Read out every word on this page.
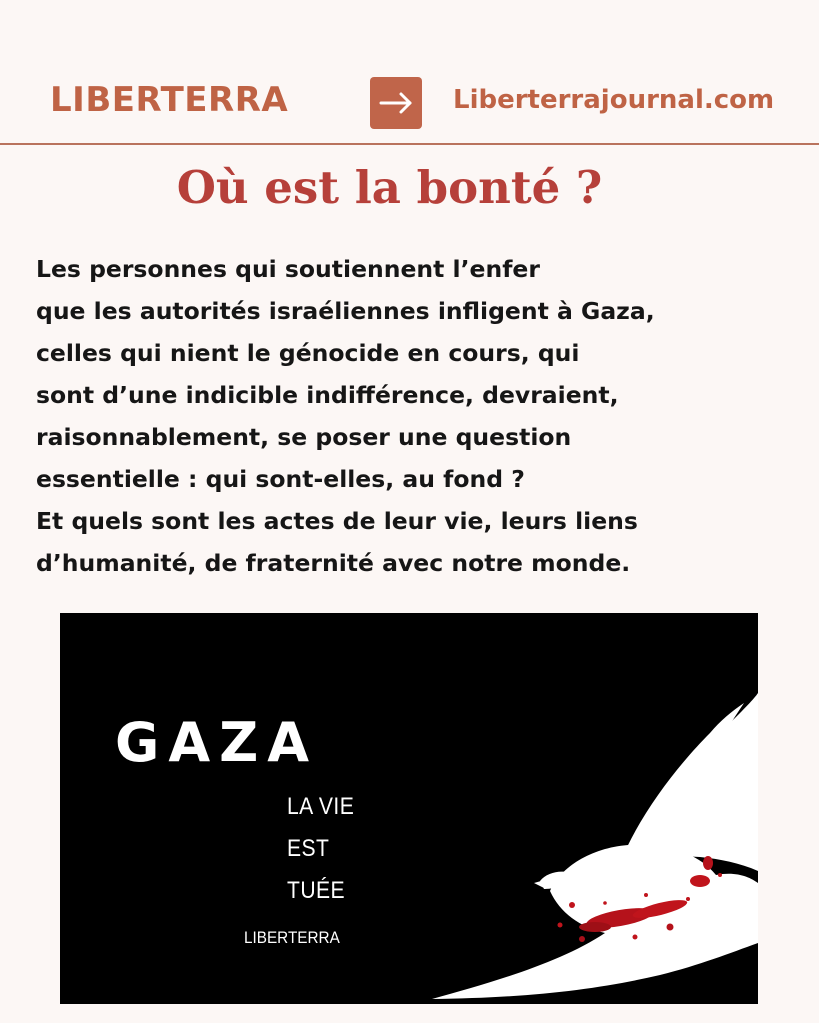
LIBERTERRA	Liberterrajournal.com
Où est la bonté ?

Les personnes qui soutiennent l’enfer
que les autorités israéliennes infligent à Gaza,
celles qui nient le génocide en cours, qui
sont d’une indicible indifférence, devraient,
raisonnablement, se poser une question
essentielle : qui sont-elles, au fond ?
Et quels sont les actes de leur vie, leurs liens
d’humanité, de fraternité avec notre monde.

GAZA
LA VIE
EST
TUÉE
LIBERTERRA
